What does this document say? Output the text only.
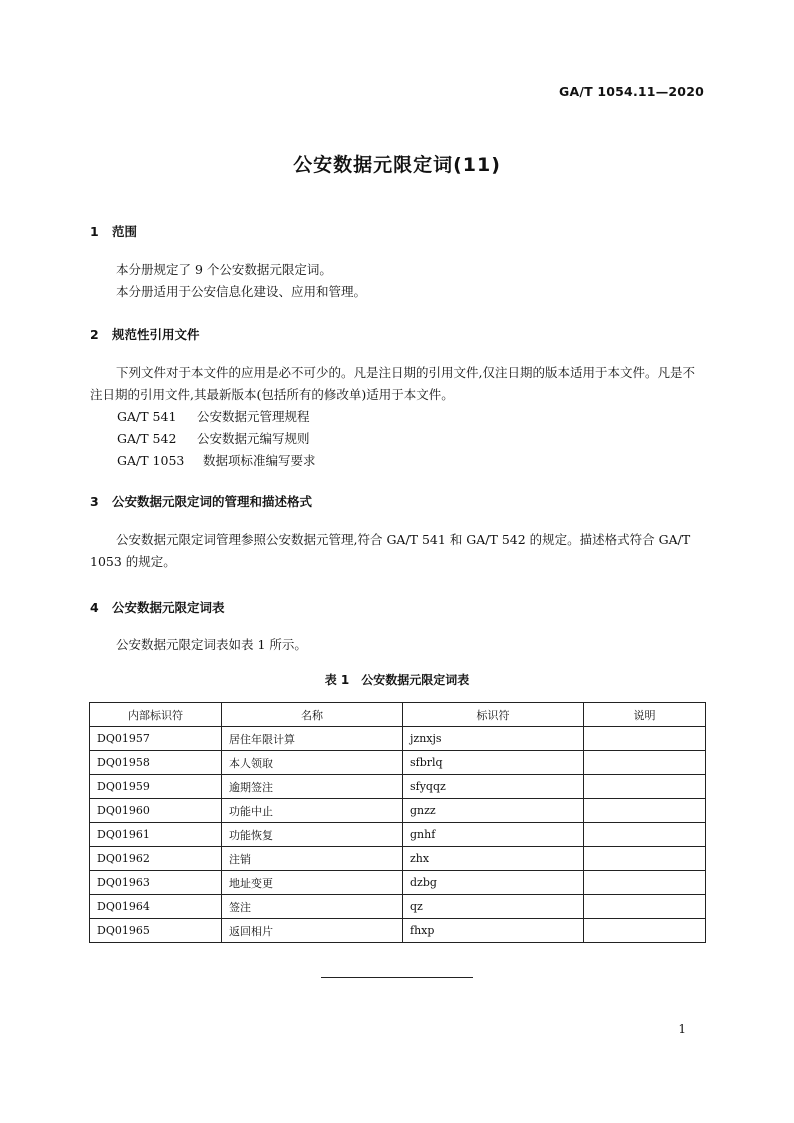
GA/T 1054.11—2020
公安数据元限定词(11)
1 范围
本分册规定了 9 个公安数据元限定词。
本分册适用于公安信息化建设、应用和管理。
2 规范性引用文件
下列文件对于本文件的应用是必不可少的。凡是注日期的引用文件,仅注日期的版本适用于本文件。凡是不注日期的引用文件,其最新版本(包括所有的修改单)适用于本文件。
GA/T 541 公安数据元管理规程
GA/T 542 公安数据元编写规则
GA/T 1053 数据项标准编写要求
3 公安数据元限定词的管理和描述格式
公安数据元限定词管理参照公安数据元管理,符合 GA/T 541 和 GA/T 542 的规定。描述格式符合 GA/T 1053 的规定。
4 公安数据元限定词表
公安数据元限定词表如表 1 所示。
表 1　公安数据元限定词表
内部标识符	名称	标识符	说明
DQ01957	居住年限计算	jznxjs	
DQ01958	本人领取	sfbrlq	
DQ01959	逾期签注	sfyqqz	
DQ01960	功能中止	gnzz	
DQ01961	功能恢复	gnhf	
DQ01962	注销	zhx	
DQ01963	地址变更	dzbg	
DQ01964	签注	qz	
DQ01965	返回相片	fhxp	
1
